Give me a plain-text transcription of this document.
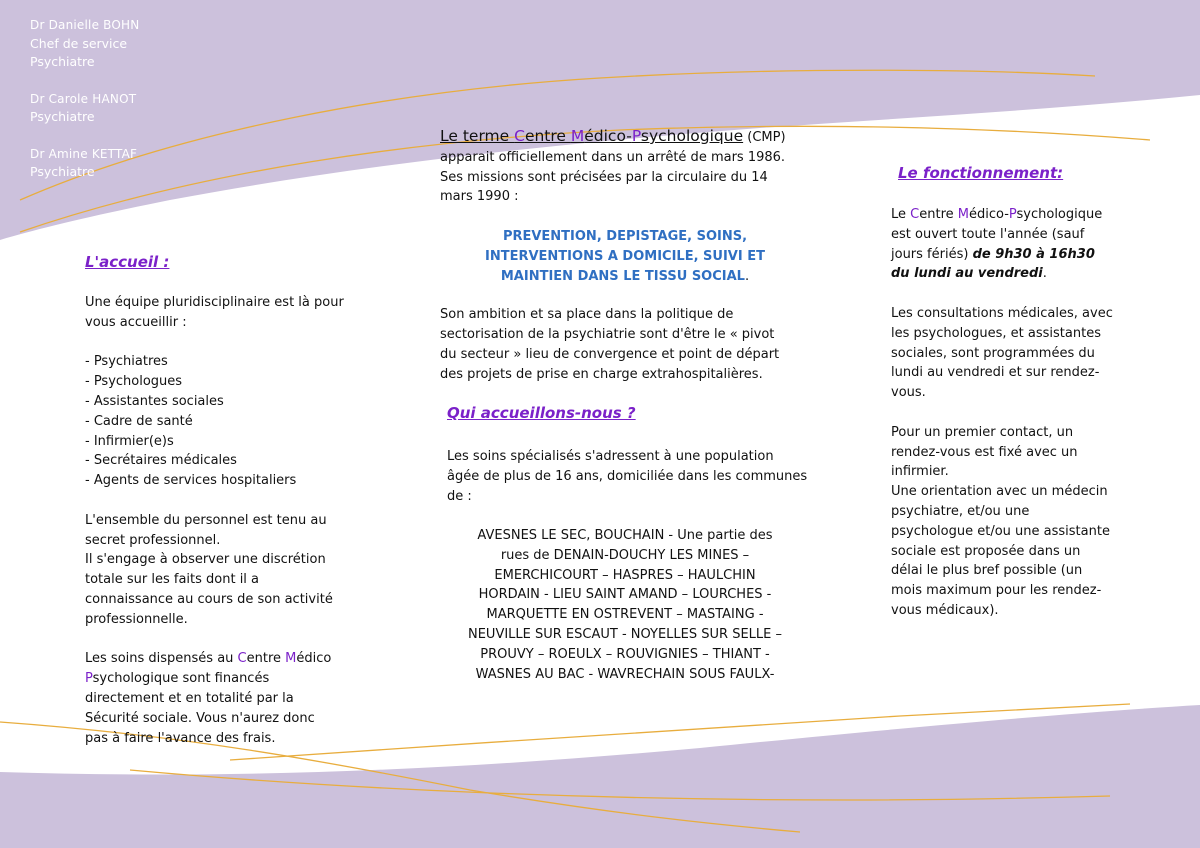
Dr Danielle BOHN
Chef de service
Psychiatre
Dr Carole HANOT
Psychiatre
Dr Amine KETTAF
Psychiatre
L'accueil :

Une équipe pluridisciplinaire est là pour

vous accueillir :

- Psychiatres

- Psychologues

- Assistantes sociales

- Cadre de santé

- Infirmier(e)s

- Secrétaires médicales

- Agents de services hospitaliers

L'ensemble du personnel est tenu au

secret professionnel.

Il s'engage à observer une discrétion

totale sur les faits dont il a

connaissance au cours de son activité

professionnelle.

Les soins dispensés au Centre Médico

Psychologique sont financés

directement et en totalité par la

Sécurité sociale. Vous n'aurez donc

pas à faire l'avance des frais.

Le terme Centre Médico-Psychologique (CMP)

apparait officiellement dans un arrêté de mars 1986.

Ses missions sont précisées par la circulaire du 14

mars 1990 :

PREVENTION, DEPISTAGE, SOINS,

INTERVENTIONS A DOMICILE, SUIVI ET

MAINTIEN DANS LE TISSU SOCIAL.

Son ambition et sa place dans la politique de

sectorisation de la psychiatrie sont d'être le « pivot

du secteur » lieu de convergence et point de départ

des projets de prise en charge extrahospitalières.

Qui accueillons-nous ?

Les soins spécialisés s'adressent à une population

âgée de plus de 16 ans, domiciliée dans les communes

de :

AVESNES LE SEC, BOUCHAIN - Une partie des

rues de DENAIN-DOUCHY LES MINES –

EMERCHICOURT – HASPRES – HAULCHIN

HORDAIN - LIEU SAINT AMAND – LOURCHES -

MARQUETTE EN OSTREVENT – MASTAING -

NEUVILLE SUR ESCAUT - NOYELLES SUR SELLE –

PROUVY – ROEULX – ROUVIGNIES – THIANT -

WASNES AU BAC - WAVRECHAIN SOUS FAULX-

Le fonctionnement:

Le Centre Médico-Psychologique

est ouvert toute l'année (sauf

jours fériés) de 9h30 à 16h30

du lundi au vendredi.

Les consultations médicales, avec

les psychologues, et assistantes

sociales, sont programmées du

lundi au vendredi et sur rendez-

vous.

Pour un premier contact, un

rendez-vous est fixé avec un

infirmier.

Une orientation avec un médecin

psychiatre, et/ou une

psychologue et/ou une assistante

sociale est proposée dans un

délai le plus bref possible (un

mois maximum pour les rendez-

vous médicaux).
